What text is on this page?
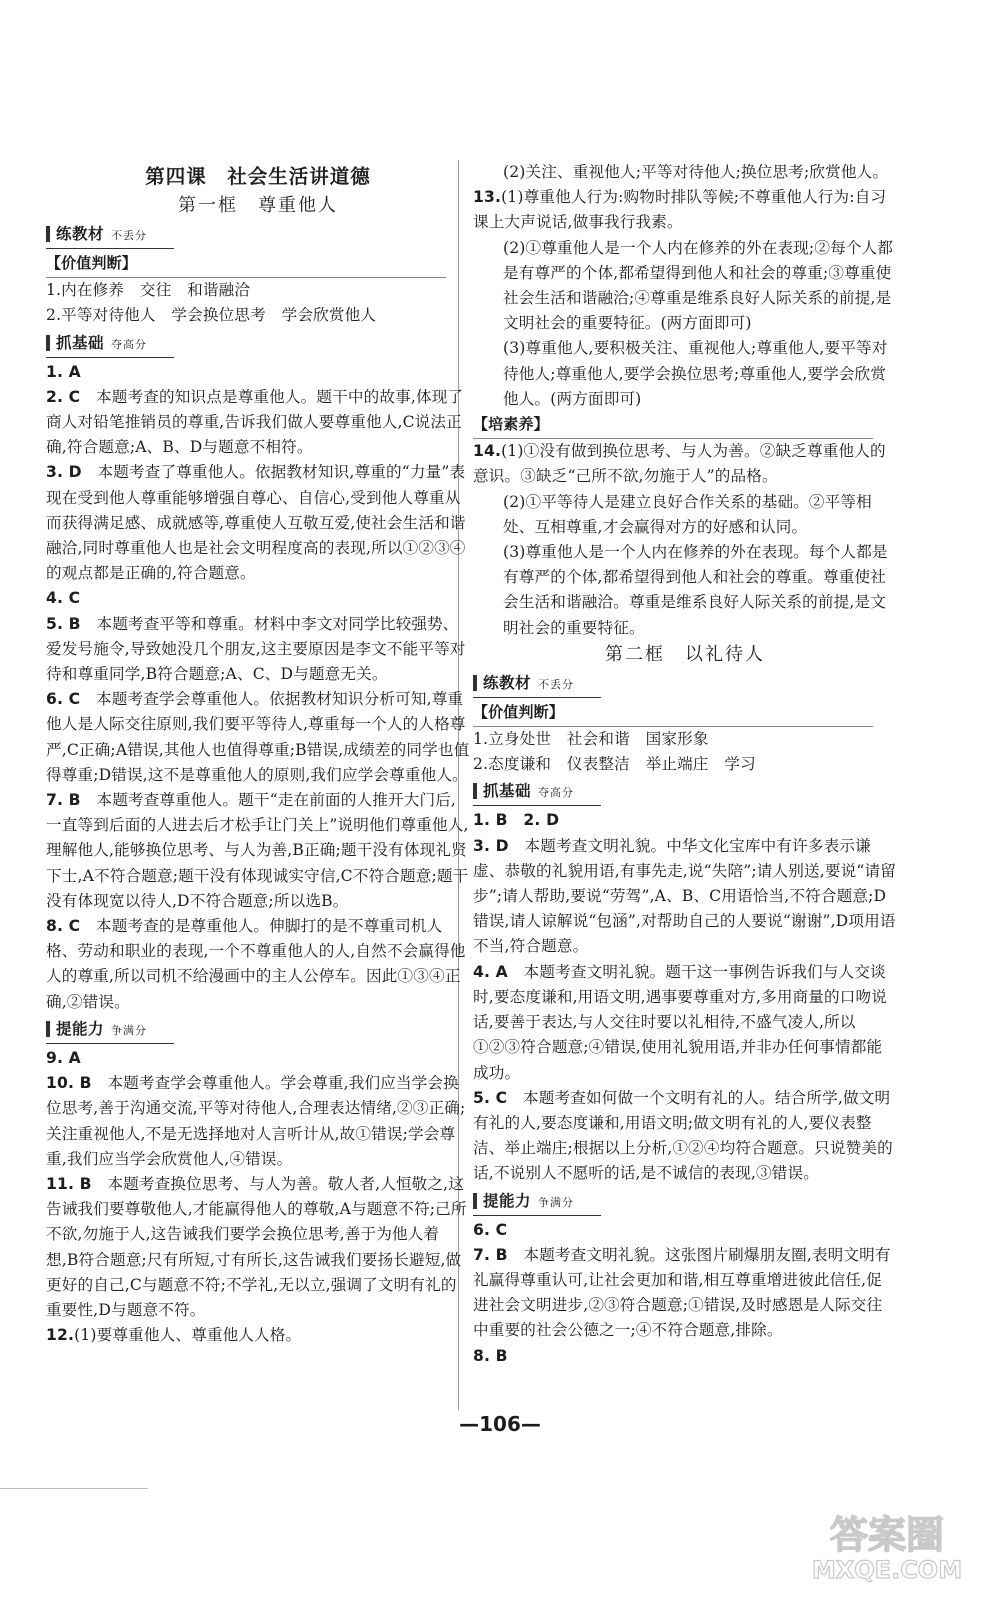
第四课　社会生活讲道德
第一框　尊重他人
练教材 不丢分
【价值判断】
1.内在修养　交往　和谐融洽
2.平等对待他人　学会换位思考　学会欣赏他人
抓基础 夺高分

1. A

2. C　本题考查的知识点是尊重他人。题干中的故事,体现了商人对铅笔推销员的尊重,告诉我们做人要尊重他人,C说法正确,符合题意;A、B、D与题意不相符。

3. D　本题考查了尊重他人。依据教材知识,尊重的“力量”表现在受到他人尊重能够增强自尊心、自信心,受到他人尊重从而获得满足感、成就感等,尊重使人互敬互爱,使社会生活和谐融洽,同时尊重他人也是社会文明程度高的表现,所以①②③④的观点都是正确的,符合题意。

4. C

5. B　本题考查平等和尊重。材料中李文对同学比较强势、爱发号施令,导致她没几个朋友,这主要原因是李文不能平等对待和尊重同学,B符合题意;A、C、D与题意无关。

6. C　本题考查学会尊重他人。依据教材知识分析可知,尊重他人是人际交往原则,我们要平等待人,尊重每一个人的人格尊严,C正确;A错误,其他人也值得尊重;B错误,成绩差的同学也值得尊重;D错误,这不是尊重他人的原则,我们应学会尊重他人。

7. B　本题考查尊重他人。题干“走在前面的人推开大门后,一直等到后面的人进去后才松手让门关上”说明他们尊重他人,理解他人,能够换位思考、与人为善,B正确;题干没有体现礼贤下士,A不符合题意;题干没有体现诚实守信,C不符合题意;题干没有体现宽以待人,D不符合题意;所以选B。

8. C　本题考查的是尊重他人。伸脚打的是不尊重司机人格、劳动和职业的表现,一个不尊重他人的人,自然不会赢得他人的尊重,所以司机不给漫画中的主人公停车。因此①③④正确,②错误。

提能力 争满分

9. A

10. B　本题考查学会尊重他人。学会尊重,我们应当学会换位思考,善于沟通交流,平等对待他人,合理表达情绪,②③正确;关注重视他人,不是无选择地对人言听计从,故①错误;学会尊重,我们应当学会欣赏他人,④错误。

11. B　本题考查换位思考、与人为善。敬人者,人恒敬之,这告诫我们要尊敬他人,才能赢得他人的尊敬,A与题意不符;己所不欲,勿施于人,这告诫我们要学会换位思考,善于为他人着想,B符合题意;尺有所短,寸有所长,这告诫我们要扬长避短,做更好的自己,C与题意不符;不学礼,无以立,强调了文明有礼的重要性,D与题意不符。

12.(1)要尊重他人、尊重他人人格。

(2)关注、重视他人;平等对待他人;换位思考;欣赏他人。

13.(1)尊重他人行为:购物时排队等候;不尊重他人行为:自习课上大声说话,做事我行我素。

(2)①尊重他人是一个人内在修养的外在表现;②每个人都是有尊严的个体,都希望得到他人和社会的尊重;③尊重使社会生活和谐融洽;④尊重是维系良好人际关系的前提,是文明社会的重要特征。(两方面即可)
(3)尊重他人,要积极关注、重视他人;尊重他人,要平等对待他人;尊重他人,要学会换位思考;尊重他人,要学会欣赏他人。(两方面即可)
【培素养】

14.(1)①没有做到换位思考、与人为善。②缺乏尊重他人的意识。③缺乏“己所不欲,勿施于人”的品格。

(2)①平等待人是建立良好合作关系的基础。②平等相处、互相尊重,才会赢得对方的好感和认同。
(3)尊重他人是一个人内在修养的外在表现。每个人都是有尊严的个体,都希望得到他人和社会的尊重。尊重使社会生活和谐融洽。尊重是维系良好人际关系的前提,是文明社会的重要特征。
第二框　以礼待人
练教材 不丢分
【价值判断】
1.立身处世　社会和谐　国家形象
2.态度谦和　仪表整洁　举止端庄　学习
抓基础 夺高分

1. B　2. D

3. D　本题考查文明礼貌。中华文化宝库中有许多表示谦虚、恭敬的礼貌用语,有事先走,说“失陪”;请人别送,要说“请留步”;请人帮助,要说“劳驾”,A、B、C用语恰当,不符合题意;D错误,请人谅解说“包涵”,对帮助自己的人要说“谢谢”,D项用语不当,符合题意。

4. A　本题考查文明礼貌。题干这一事例告诉我们与人交谈时,要态度谦和,用语文明,遇事要尊重对方,多用商量的口吻说话,要善于表达,与人交往时要以礼相待,不盛气凌人,所以①②③符合题意;④错误,使用礼貌用语,并非办任何事情都能成功。

5. C　本题考查如何做一个文明有礼的人。结合所学,做文明有礼的人,要态度谦和,用语文明;做文明有礼的人,要仪表整洁、举止端庄;根据以上分析,①②④均符合题意。只说赞美的话,不说别人不愿听的话,是不诚信的表现,③错误。

提能力 争满分

6. C

7. B　本题考查文明礼貌。这张图片刷爆朋友圈,表明文明有礼赢得尊重认可,让社会更加和谐,相互尊重增进彼此信任,促进社会文明进步,②③符合题意;①错误,及时感恩是人际交往中重要的社会公德之一;④不符合题意,排除。

8. B

—106—
答案圈
MXQE.COM
